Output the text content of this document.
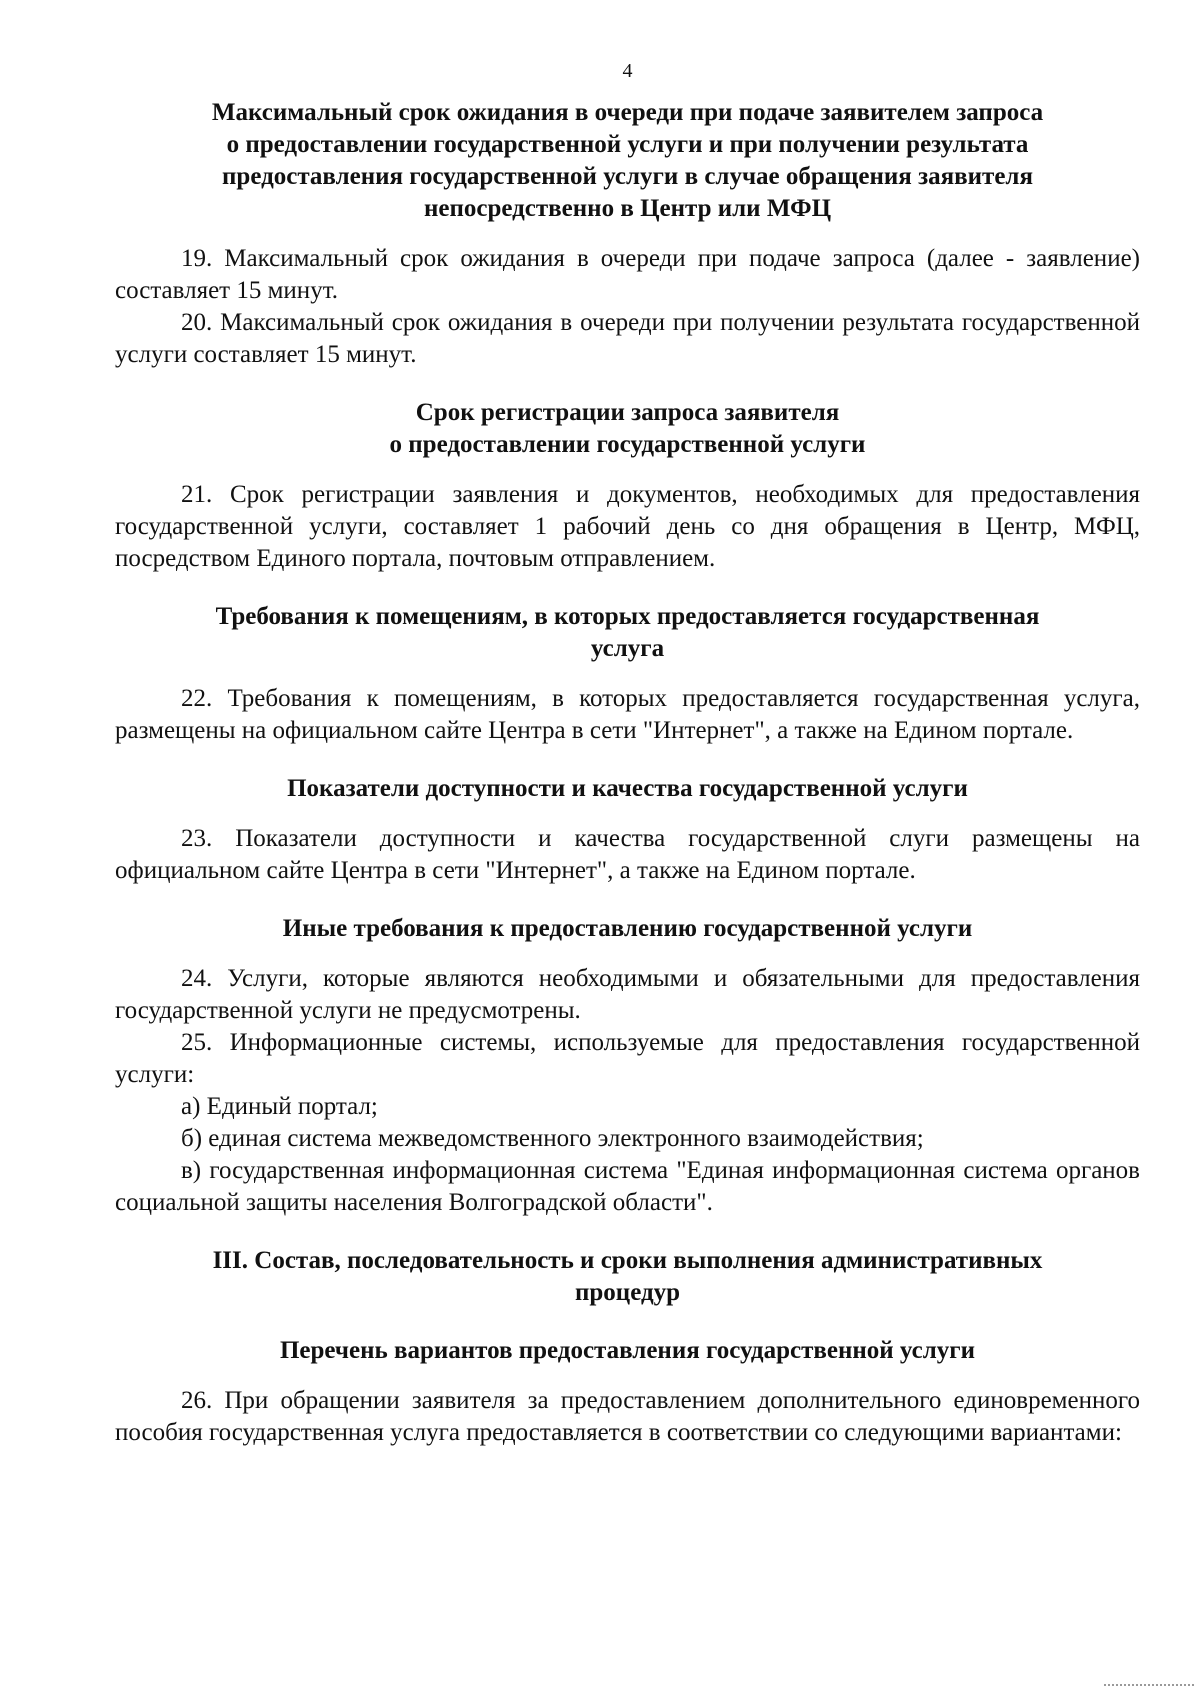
4
Максимальный срок ожидания в очереди при подаче заявителем запроса
о предоставлении государственной услуги и при получении результата
предоставления государственной услуги в случае обращения заявителя
непосредственно в Центр или МФЦ

19. Максимальный срок ожидания в очереди при подаче запроса (далее - заявление) составляет 15 минут.

20. Максимальный срок ожидания в очереди при получении результата государственной услуги составляет 15 минут.

Срок регистрации запроса заявителя
о предоставлении государственной услуги

21. Срок регистрации заявления и документов, необходимых для предоставления государственной услуги, составляет 1 рабочий день со дня обращения в Центр, МФЦ, посредством Единого портала, почтовым отправлением.

Требования к помещениям, в которых предоставляется государственная
услуга

22. Требования к помещениям, в которых предоставляется государственная услуга, размещены на официальном сайте Центра в сети "Интернет", а также на Едином портале.

Показатели доступности и качества государственной услуги

23. Показатели доступности и качества государственной слуги размещены на официальном сайте Центра в сети "Интернет", а также на Едином портале.

Иные требования к предоставлению государственной услуги

24. Услуги, которые являются необходимыми и обязательными для предоставления государственной услуги не предусмотрены.

25. Информационные системы, используемые для предоставления государственной услуги:

а) Единый портал;

б) единая система межведомственного электронного взаимодействия;

в) государственная информационная система "Единая информационная система органов социальной защиты населения Волгоградской области".

III. Состав, последовательность и сроки выполнения административных
процедур
Перечень вариантов предоставления государственной услуги

26. При обращении заявителя за предоставлением дополнительного единовременного пособия государственная услуга предоставляется в соответствии со следующими вариантами:
